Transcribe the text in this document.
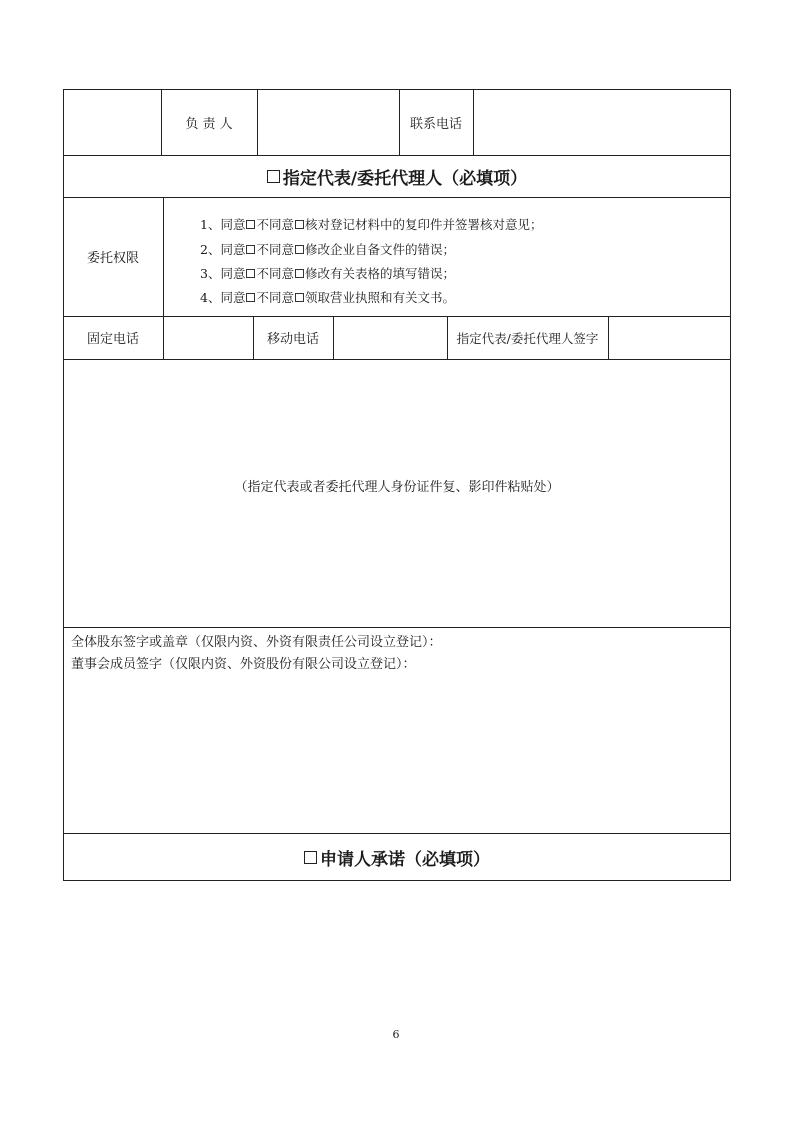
负 责 人	联系电话
指定代表/委托代理人（必填项）
委托权限
1、同意 不同意 核对登记材料中的复印件并签署核对意见；
2、同意 不同意 修改企业自备文件的错误；
3、同意 不同意 修改有关表格的填写错误；
4、同意 不同意 领取营业执照和有关文书。
固定电话	移动电话	指定代表/委托代理人签字
（指定代表或者委托代理人身份证件复、影印件粘贴处）
全体股东签字或盖章（仅限内资、外资有限责任公司设立登记）：
董事会成员签字（仅限内资、外资股份有限公司设立登记）：
申请人承诺（必填项）
6
